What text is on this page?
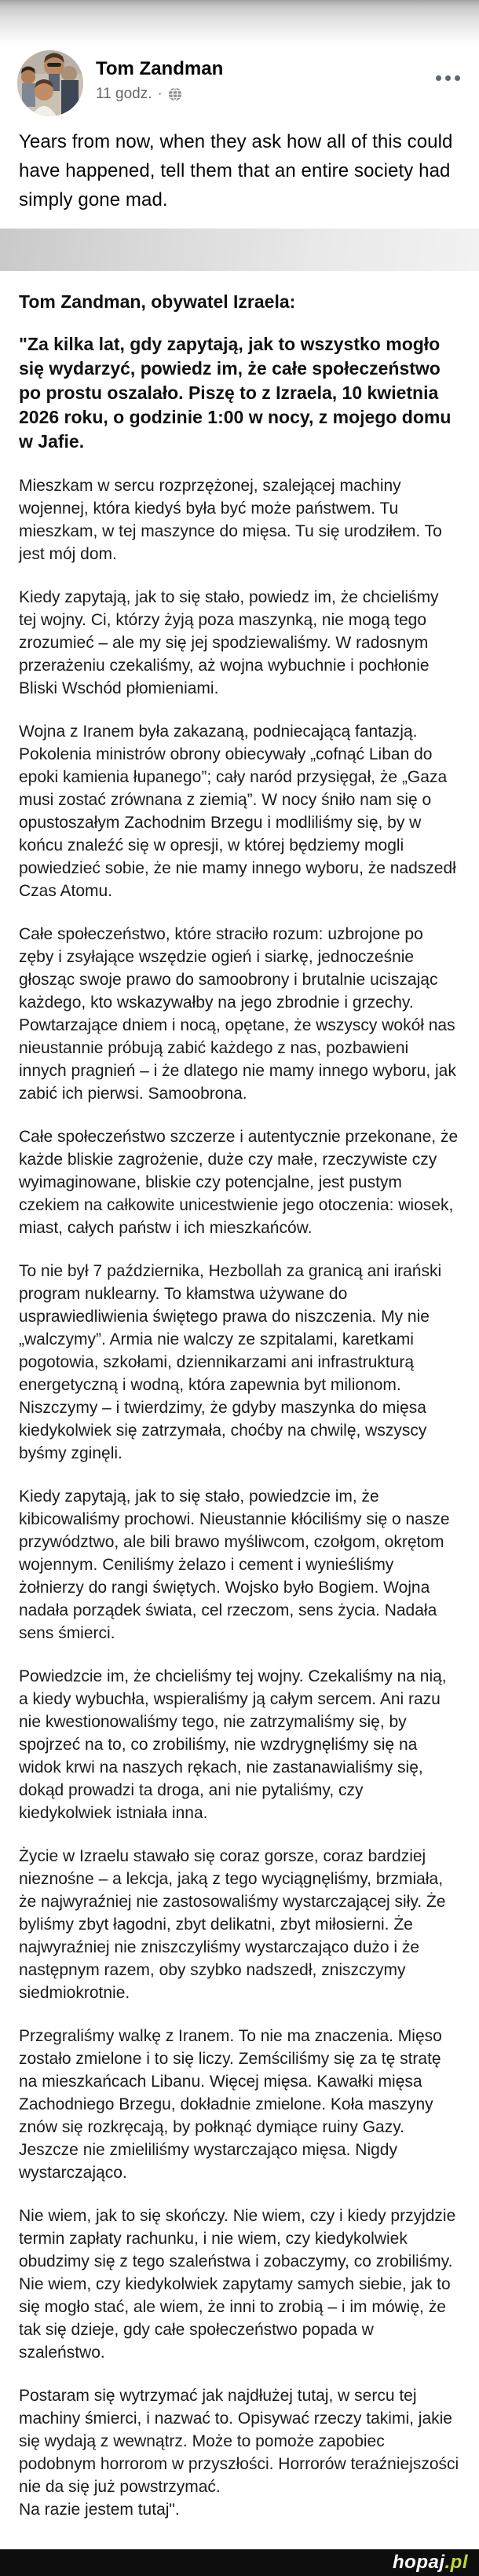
Tom Zandman
11 godz. ·
Years from now, when they ask how all of this could have happened, tell them that an entire society had simply gone mad.

Tom Zandman, obywatel Izraela:

"Za kilka lat, gdy zapytają, jak to wszystko mogło się wydarzyć, powiedz im, że całe społeczeństwo po prostu oszalało. Piszę to z Izraela, 10 kwietnia 2026 roku, o godzinie 1:00 w nocy, z mojego domu w Jafie.

Mieszkam w sercu rozprzężonej, szalejącej machiny wojennej, która kiedyś była być może państwem. Tu mieszkam, w tej maszynce do mięsa. Tu się urodziłem. To jest mój dom.

Kiedy zapytają, jak to się stało, powiedz im, że chcieliśmy tej wojny. Ci, którzy żyją poza maszynką, nie mogą tego zrozumieć – ale my się jej spodziewaliśmy. W radosnym przerażeniu czekaliśmy, aż wojna wybuchnie i pochłonie Bliski Wschód płomieniami.

Wojna z Iranem była zakazaną, podniecającą fantazją. Pokolenia ministrów obrony obiecywały „cofnąć Liban do epoki kamienia łupanego”; cały naród przysięgał, że „Gaza musi zostać zrównana z ziemią”. W nocy śniło nam się o opustoszałym Zachodnim Brzegu i modliliśmy się, by w końcu znaleźć się w opresji, w której będziemy mogli powiedzieć sobie, że nie mamy innego wyboru, że nadszedł Czas Atomu.

Całe społeczeństwo, które straciło rozum: uzbrojone po zęby i zsyłające wszędzie ogień i siarkę, jednocześnie głosząc swoje prawo do samoobrony i brutalnie uciszając każdego, kto wskazywałby na jego zbrodnie i grzechy. Powtarzające dniem i nocą, opętane, że wszyscy wokół nas nieustannie próbują zabić każdego z nas, pozbawieni innych pragnień – i że dlatego nie mamy innego wyboru, jak zabić ich pierwsi. Samoobrona.

Całe społeczeństwo szczerze i autentycznie przekonane, że każde bliskie zagrożenie, duże czy małe, rzeczywiste czy wyimaginowane, bliskie czy potencjalne, jest pustym czekiem na całkowite unicestwienie jego otoczenia: wiosek, miast, całych państw i ich mieszkańców.

To nie był 7 października, Hezbollah za granicą ani irański program nuklearny. To kłamstwa używane do usprawiedliwienia świętego prawa do niszczenia. My nie „walczymy”. Armia nie walczy ze szpitalami, karetkami pogotowia, szkołami, dziennikarzami ani infrastrukturą energetyczną i wodną, która zapewnia byt milionom. Niszczymy – i twierdzimy, że gdyby maszynka do mięsa kiedykolwiek się zatrzymała, choćby na chwilę, wszyscy byśmy zginęli.

Kiedy zapytają, jak to się stało, powiedzcie im, że kibicowaliśmy prochowi. Nieustannie kłóciliśmy się o nasze przywództwo, ale bili brawo myśliwcom, czołgom, okrętom wojennym. Ceniliśmy żelazo i cement i wynieśliśmy żołnierzy do rangi świętych. Wojsko było Bogiem. Wojna nadała porządek świata, cel rzeczom, sens życia. Nadała sens śmierci.

Powiedzcie im, że chcieliśmy tej wojny. Czekaliśmy na nią, a kiedy wybuchła, wspieraliśmy ją całym sercem. Ani razu nie kwestionowaliśmy tego, nie zatrzymaliśmy się, by spojrzeć na to, co zrobiliśmy, nie wzdrygnęliśmy się na widok krwi na naszych rękach, nie zastanawialiśmy się, dokąd prowadzi ta droga, ani nie pytaliśmy, czy kiedykolwiek istniała inna.

Życie w Izraelu stawało się coraz gorsze, coraz bardziej nieznośne – a lekcja, jaką z tego wyciągnęliśmy, brzmiała, że najwyraźniej nie zastosowaliśmy wystarczającej siły. Że byliśmy zbyt łagodni, zbyt delikatni, zbyt miłosierni. Że najwyraźniej nie zniszczyliśmy wystarczająco dużo i że następnym razem, oby szybko nadszedł, zniszczymy siedmiokrotnie.

Przegraliśmy walkę z Iranem. To nie ma znaczenia. Mięso zostało zmielone i to się liczy. Zemściliśmy się za tę stratę na mieszkańcach Libanu. Więcej mięsa. Kawałki mięsa Zachodniego Brzegu, dokładnie zmielone. Koła maszyny znów się rozkręcają, by połknąć dymiące ruiny Gazy. Jeszcze nie zmieliliśmy wystarczająco mięsa. Nigdy wystarczająco.

Nie wiem, jak to się skończy. Nie wiem, czy i kiedy przyjdzie termin zapłaty rachunku, i nie wiem, czy kiedykolwiek obudzimy się z tego szaleństwa i zobaczymy, co zrobiliśmy. Nie wiem, czy kiedykolwiek zapytamy samych siebie, jak to się mogło stać, ale wiem, że inni to zrobią – i im mówię, że tak się dzieje, gdy całe społeczeństwo popada w szaleństwo.

Postaram się wytrzymać jak najdłużej tutaj, w sercu tej machiny śmierci, i nazwać to. Opisywać rzeczy takimi, jakie się wydają z wewnątrz. Może to pomoże zapobiec podobnym horrorom w przyszłości. Horrorów teraźniejszości nie da się już powstrzymać.
Na razie jestem tutaj".

hopaj.pl
